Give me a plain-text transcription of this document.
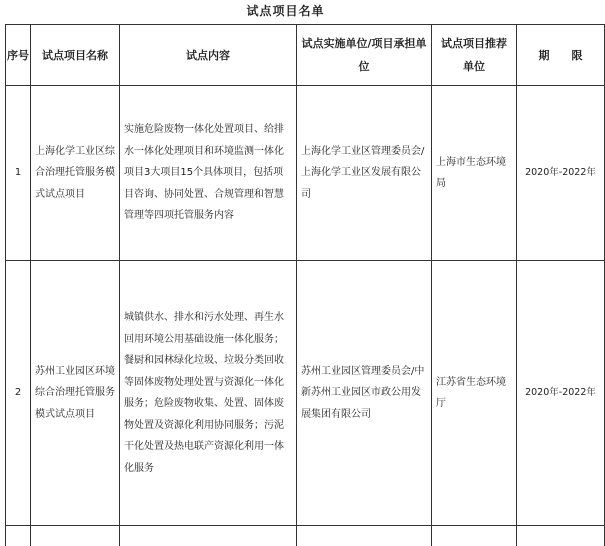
试点项目名单
序号	试点项目名称	试点内容	试点实施单位/项目承担单位	试点项目推荐单位	期　　限
1	上海化学工业区综合治理托管服务模式试点项目	实施危险废物一体化处置项目、给排水一体化处理项目和环境监测一体化项目3大项目15个具体项目，包括项目咨询、协同处置、合规管理和智慧管理等四项托管服务内容	上海化学工业区管理委员会/
上海化学工业区发展有限公司	上海市生态环境局	2020年-2022年
2	苏州工业园区环境综合治理托管服务模式试点项目	城镇供水、排水和污水处理、再生水回用环境公用基础设施一体化服务；餐厨和园林绿化垃圾、垃圾分类回收等固体废物处理处置与资源化一体化服务；危险废物收集、处置、固体废物处置及资源化利用协同服务；污泥干化处置及热电联产资源化利用一体化服务	苏州工业园区管理委员会/中新苏州工业园区市政公用发展集团有限公司	江苏省生态环境厅	2020年-2022年
